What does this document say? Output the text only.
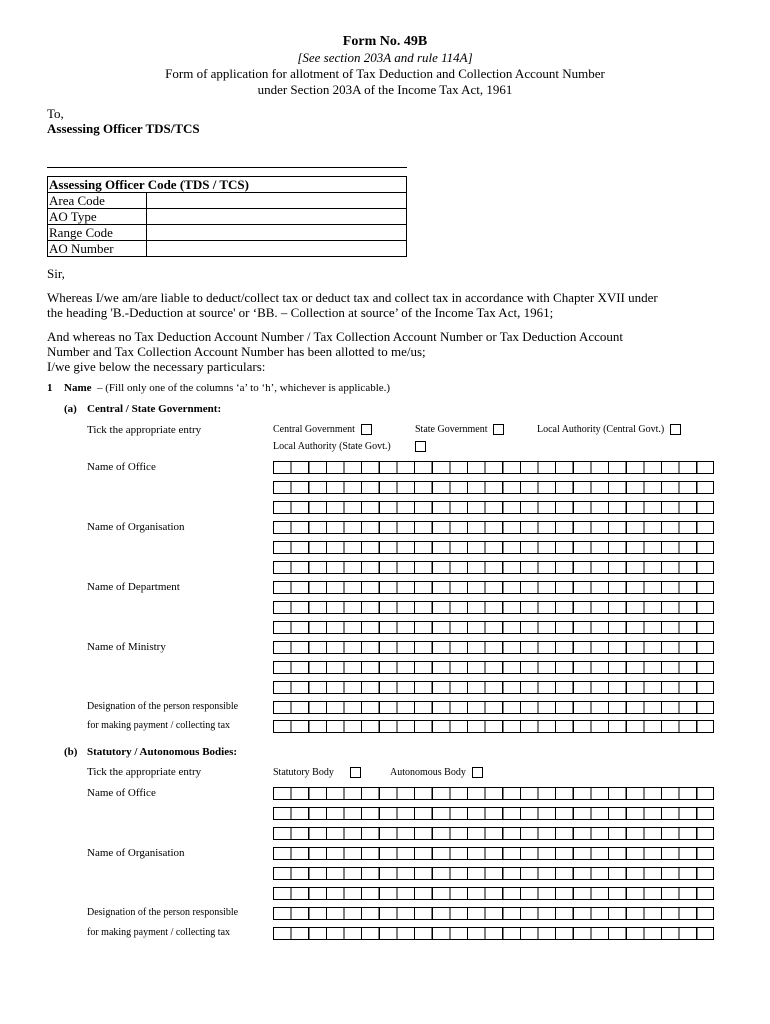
Form No. 49B
[See section 203A and rule 114A]
Form of application for allotment of Tax Deduction and Collection Account Number
under Section 203A of the Income Tax Act, 1961
To,
Assessing Officer TDS/TCS
Assessing Officer Code (TDS / TCS)	
Area Code	
AO Type	
Range Code	
AO Number	
Sir,
Whereas I/we am/are liable to deduct/collect tax or deduct tax and collect tax in accordance with Chapter XVII under
the heading 'B.-Deduction at source' or ‘BB. – Collection at source’ of the Income Tax Act, 1961;
And whereas no Tax Deduction Account Number / Tax Collection Account Number or Tax Deduction Account
Number and Tax Collection Account Number has been allotted to me/us;
I/we give below the necessary particulars:
1 Name – (Fill only one of the columns ‘a’ to ‘h’, whichever is applicable.)
(a) Central / State Government:
Tick the appropriate entry	Central Government	State Government	Local Authority (Central Govt.)
Local Authority (State Govt.)
Name of Office
Name of Organisation
Name of Department
Name of Ministry
Designation of the person responsible
for making payment / collecting tax
(b) Statutory / Autonomous Bodies:
Tick the appropriate entry	Statutory Body	Autonomous Body
Name of Office
Name of Organisation
Designation of the person responsible
for making payment / collecting tax
